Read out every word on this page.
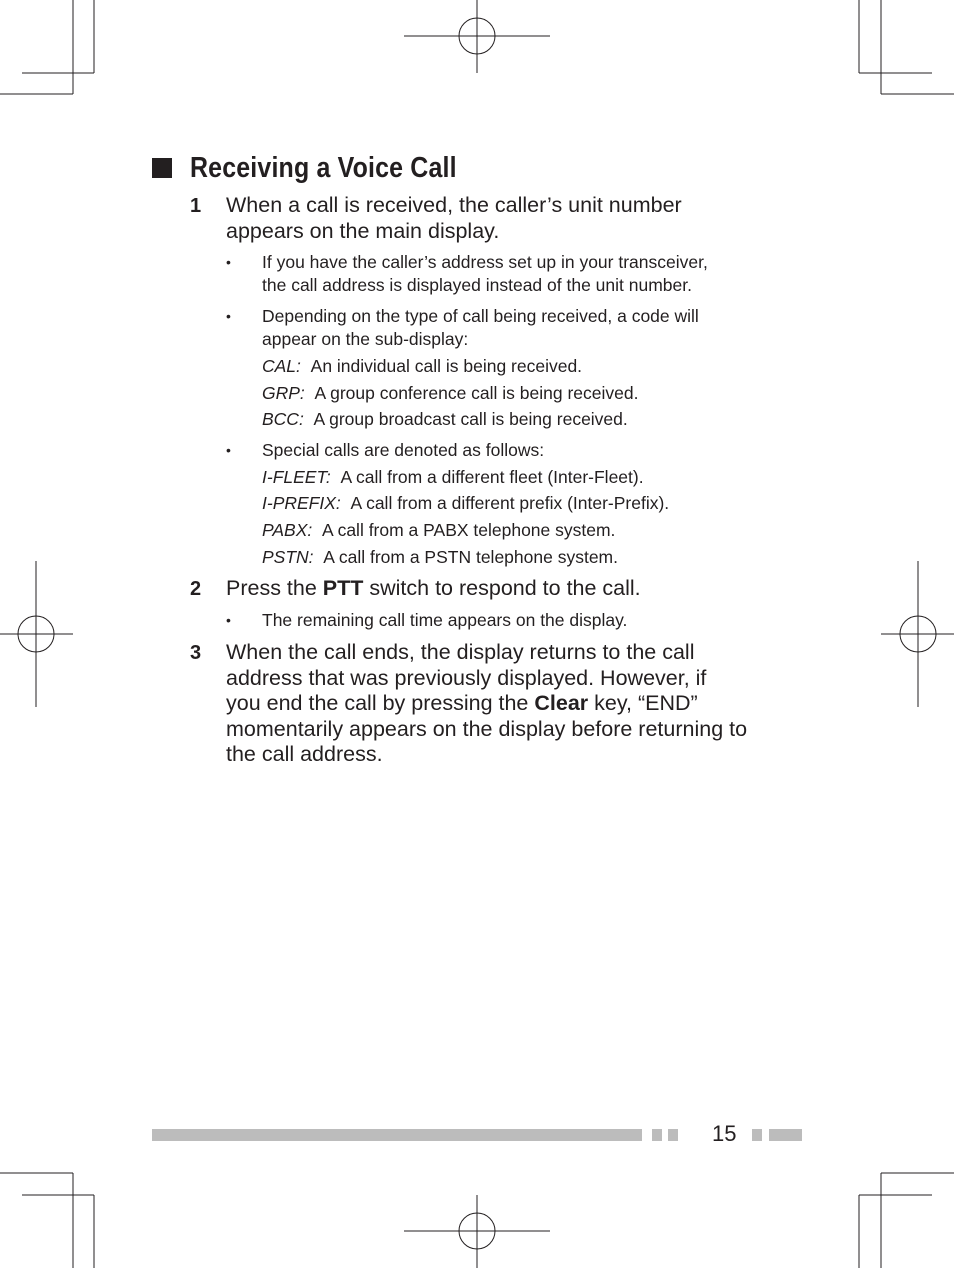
Receiving a Voice Call
1 When a call is received, the caller’s unit number
appears on the main display.
• If you have the caller’s address set up in your transceiver,
the call address is displayed instead of the unit number.
• Depending on the type of call being received, a code will
appear on the sub-display:
CAL: An individual call is being received.
GRP: A group conference call is being received.
BCC: A group broadcast call is being received.
• Special calls are denoted as follows:
I-FLEET: A call from a different fleet (Inter-Fleet).
I-PREFIX: A call from a different prefix (Inter-Prefix).
PABX: A call from a PABX telephone system.
PSTN: A call from a PSTN telephone system.
2 Press the PTT switch to respond to the call.
• The remaining call time appears on the display.
3 When the call ends, the display returns to the call
address that was previously displayed. However, if
you end the call by pressing the Clear key, “END”
momentarily appears on the display before returning to
the call address.
15
